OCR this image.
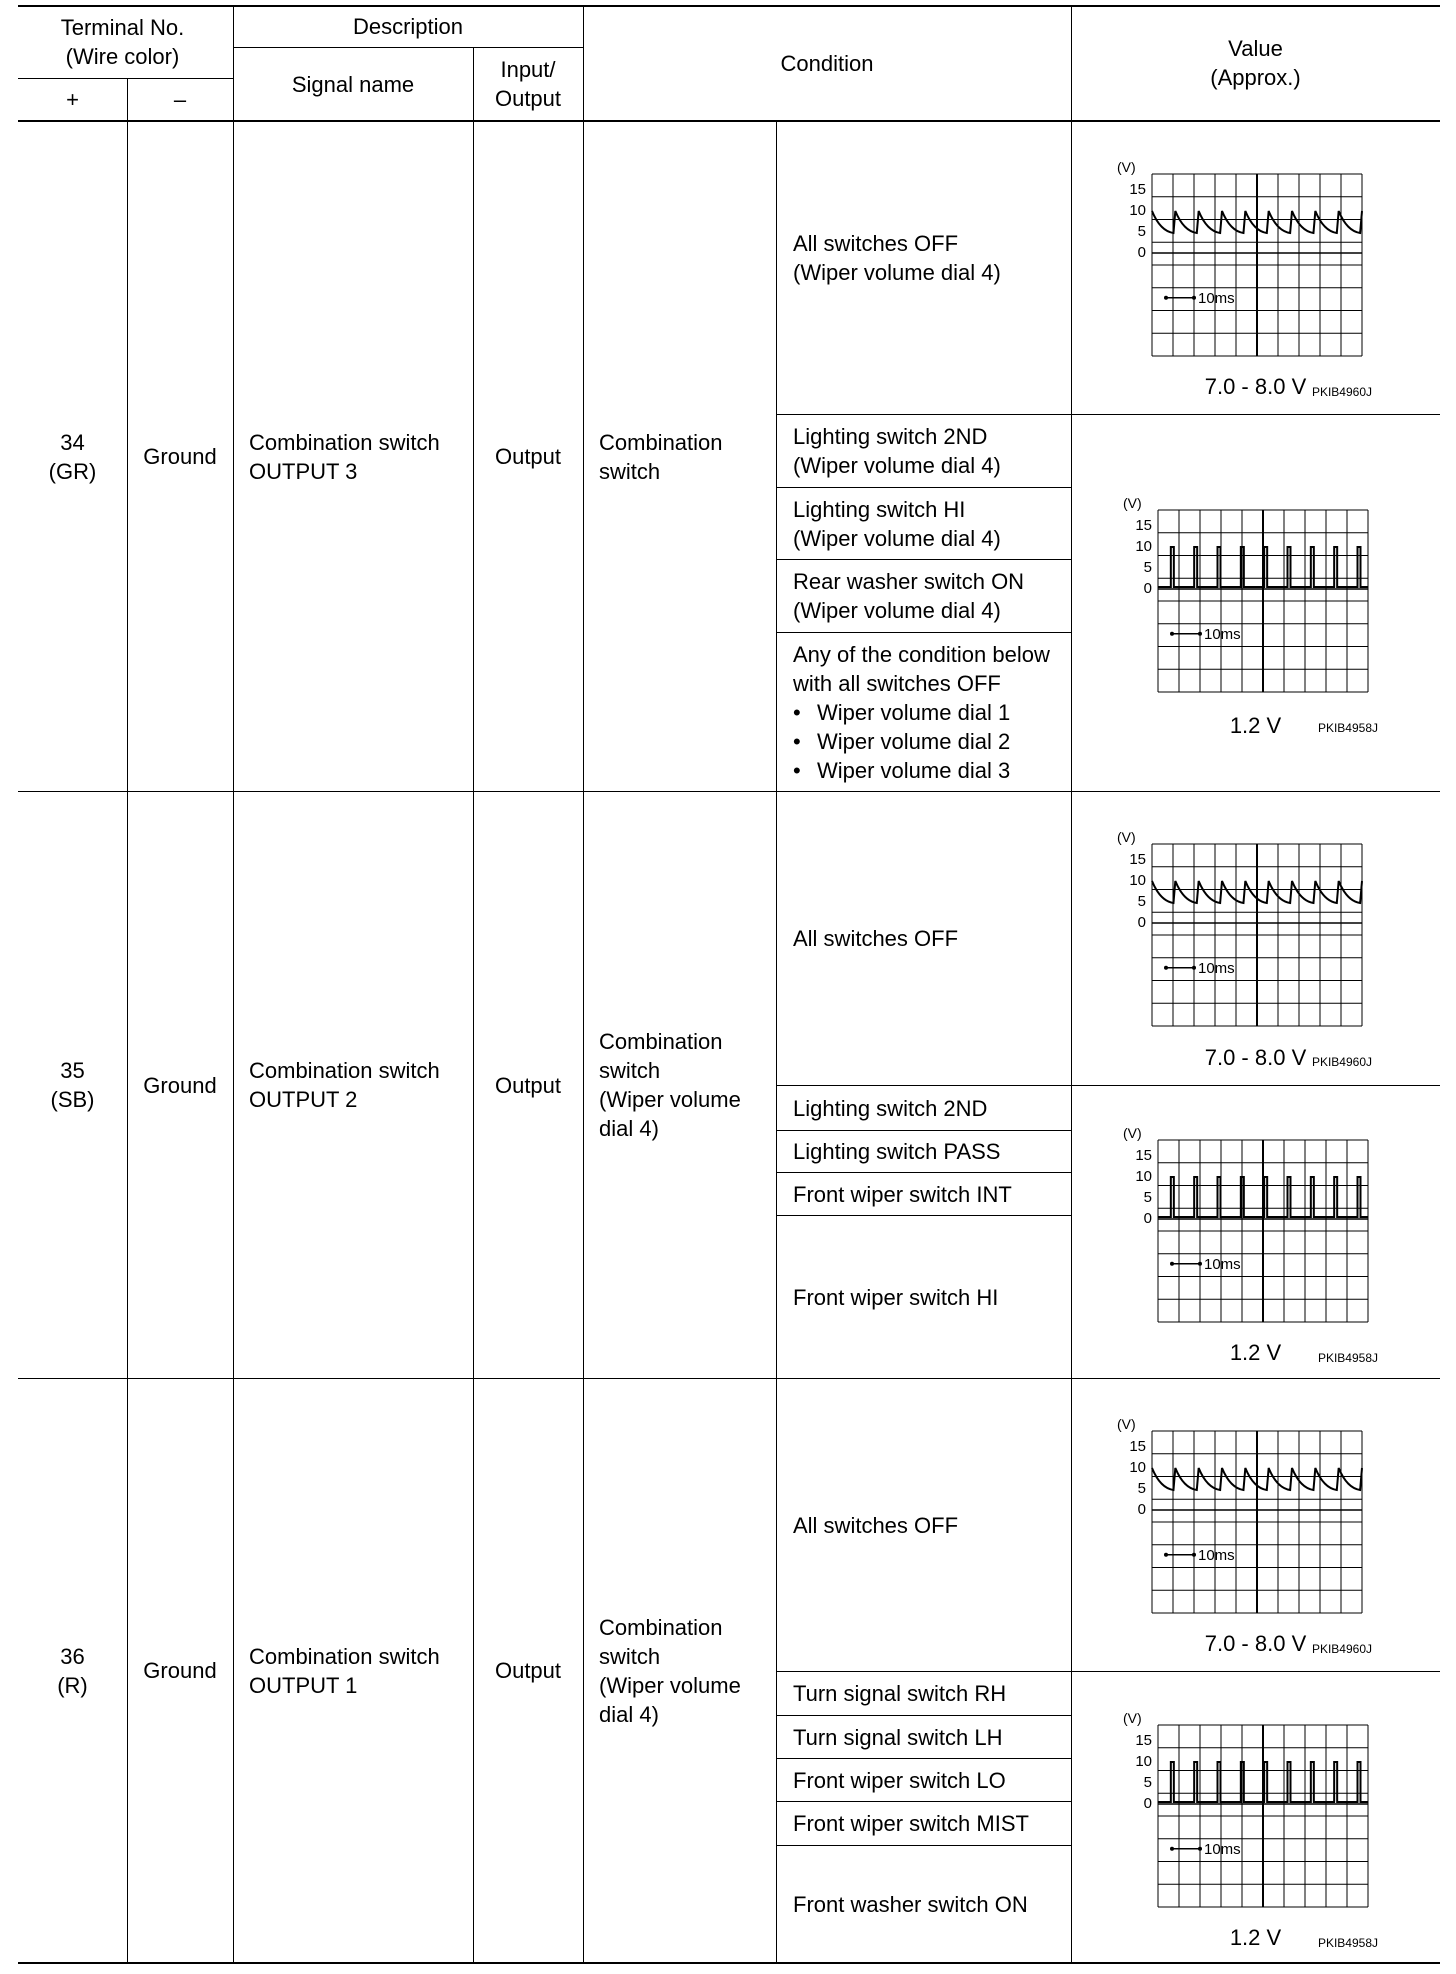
Terminal No.
(Wire color)
+	–
Description
Signal name
Input/
Output
Condition
Value
(Approx.)
34
(GR)
Ground
Combination switch
OUTPUT 3
Output
Combination
switch
All switches OFF
(Wiper volume dial 4)
Lighting switch 2ND
(Wiper volume dial 4)
Lighting switch HI
(Wiper volume dial 4)
Rear washer switch ON
(Wiper volume dial 4)
Any of the condition below
with all switches OFF
• Wiper volume dial 1
• Wiper volume dial 2
• Wiper volume dial 3
(V)
15
10
5
0
10ms
PKIB4960J
7.0 - 8.0 V
(V)
15
10
5
0
10ms
PKIB4958J
1.2 V
35
(SB)
Ground
Combination switch
OUTPUT 2
Output
Combination
switch
(Wiper volume
dial 4)
All switches OFF
Lighting switch 2ND
Lighting switch PASS
Front wiper switch INT
Front wiper switch HI
(V)
15
10
5
0
10ms
PKIB4960J
7.0 - 8.0 V
(V)
15
10
5
0
10ms
PKIB4958J
1.2 V
36
(R)
Ground
Combination switch
OUTPUT 1
Output
Combination
switch
(Wiper volume
dial 4)
All switches OFF
Turn signal switch RH
Turn signal switch LH
Front wiper switch LO
Front wiper switch MIST
Front washer switch ON
(V)
15
10
5
0
10ms
PKIB4960J
7.0 - 8.0 V
(V)
15
10
5
0
10ms
PKIB4958J
1.2 V
